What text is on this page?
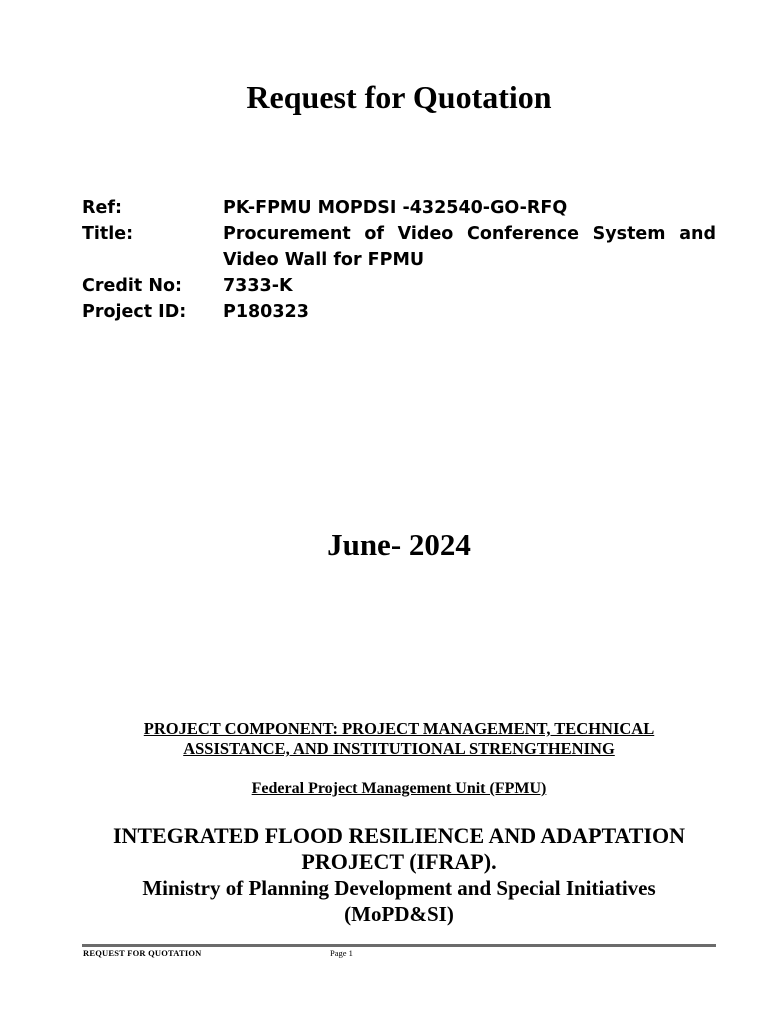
Request for Quotation
Ref:	PK-FPMU MOPDSI -432540-GO-RFQ
Title:	Procurement of Video Conference System and
Video Wall for FPMU
Credit No:	7333-K
Project ID:	P180323
June- 2024
PROJECT COMPONENT: PROJECT MANAGEMENT, TECHNICAL
ASSISTANCE, AND INSTITUTIONAL STRENGTHENING
Federal Project Management Unit (FPMU)
INTEGRATED FLOOD RESILIENCE AND ADAPTATION
PROJECT (IFRAP).
Ministry of Planning Development and Special Initiatives
(MoPD&SI)
REQUEST FOR QUOTATION	Page 1
